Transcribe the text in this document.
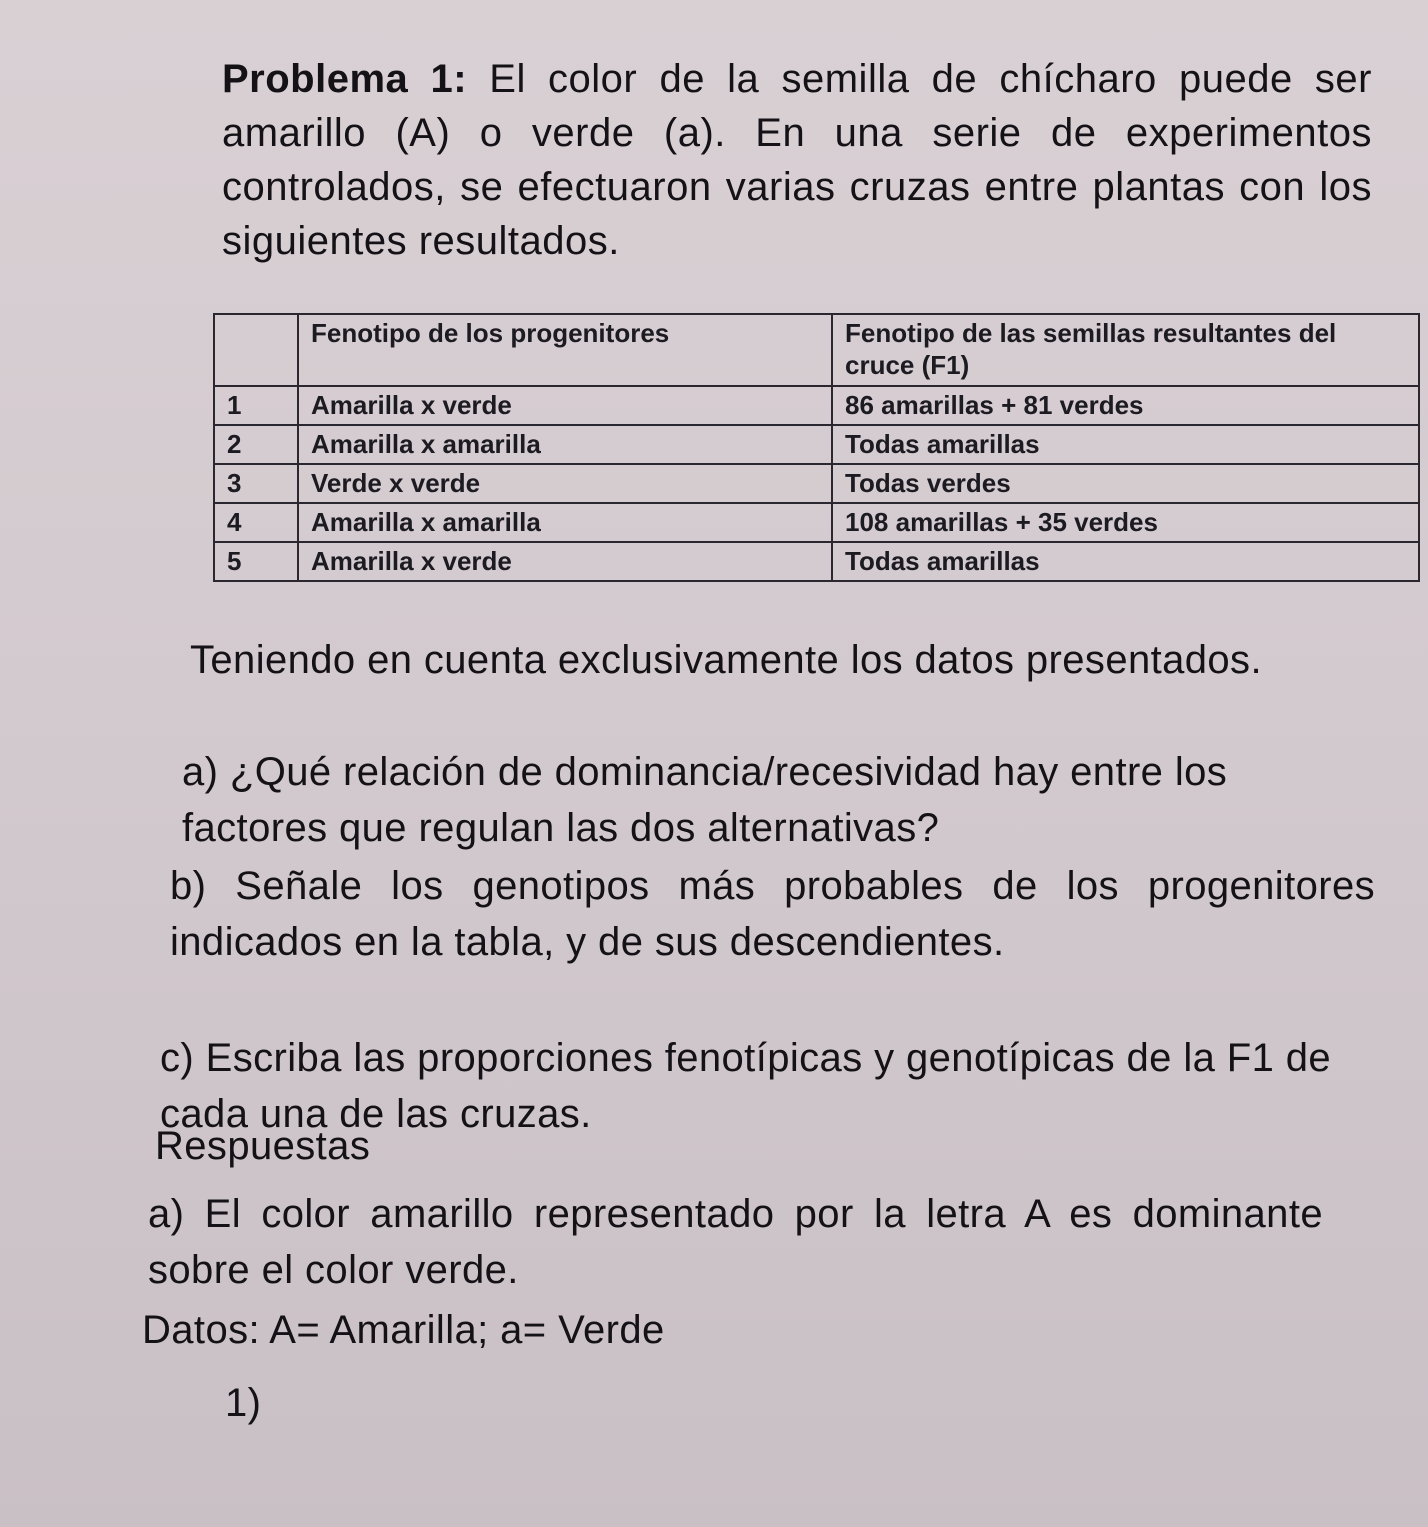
Problema 1: El color de la semilla de chícharo puede ser amarillo (A) o verde (a). En una serie de experimentos controlados, se efectuaron varias cruzas entre plantas con los siguientes resultados.
	Fenotipo de los progenitores	Fenotipo de las semillas resultantes del cruce (F1)
1	Amarilla x verde	86 amarillas + 81 verdes
2	Amarilla x amarilla	Todas amarillas
3	Verde x verde	Todas verdes
4	Amarilla x amarilla	108 amarillas + 35 verdes
5	Amarilla x verde	Todas amarillas
Teniendo en cuenta exclusivamente los datos presentados.
a) ¿Qué relación de dominancia/recesividad hay entre los factores que regulan las dos alternativas?
b) Señale los genotipos más probables de los progenitores indicados en la tabla, y de sus descendientes.
c) Escriba las proporciones fenotípicas y genotípicas de la F1 de cada una de las cruzas.
Respuestas
a) El color amarillo representado por la letra A es dominante sobre el color verde.
Datos: A= Amarilla; a= Verde
1)
